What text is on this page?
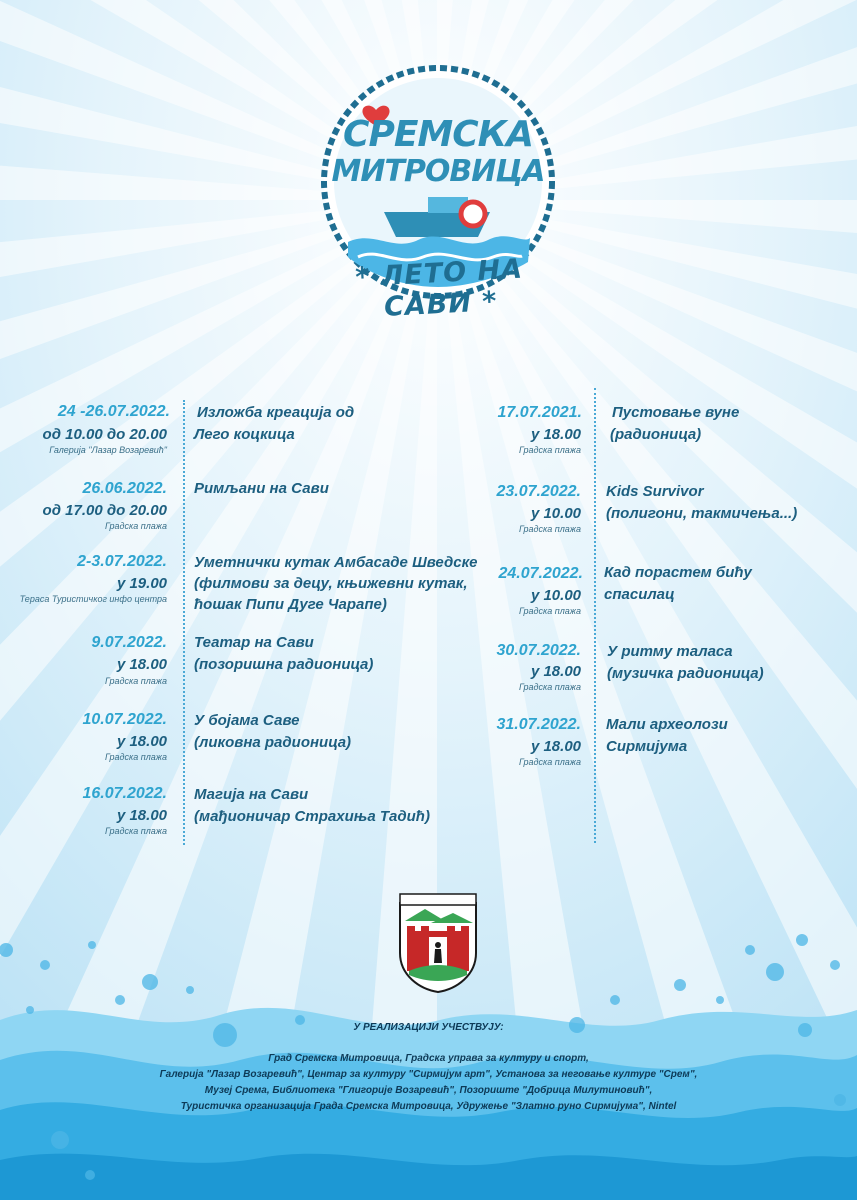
СРЕМСКА
МИТРОВИЦА
* ЛЕТО НА САВИ *
24 -26.07.2022.
од 10.00 до 20.00
Галерија "Лазар Возаревић"
Изложба креација од
Лего коцкица
26.06.2022.
од 17.00 до 20.00
Градска плажа
Римљани на Сави
2-3.07.2022.
у 19.00
Тераса Туристичког инфо центра
Уметнички кутак Амбасаде Шведске
(филмови за децу, књижевни кутак,
ћошак Пипи Дуге Чарапе)
9.07.2022.
у 18.00
Градска плажа
Театар на Сави
(позоришна радионица)
10.07.2022.
у 18.00
Градска плажа
У бојама Саве
(ликовна радионица)
16.07.2022.
у 18.00
Градска плажа
Магија на Сави
(мађионичар Страхиња Тадић)
17.07.2021.
у 18.00
Градска плажа
Пустовање вуне
(радионица)
23.07.2022.
у 10.00
Градска плажа
Kids Survivor
(полигони, такмичења...)
24.07.2022.
у 10.00
Градска плажа
Кад порастем бићу
спасилац
30.07.2022.
у 18.00
Градска плажа
У ритму таласа
(музичка радионица)
31.07.2022.
у 18.00
Градска плажа
Мали археолози
Сирмијума
У РЕАЛИЗАЦИЈИ УЧЕСТВУЈУ:
Град Сремска Митровица, Градска управа за културу и спорт,
Галерија "Лазар Возаревић", Центар за културу "Сирмијум арт", Установа за неговање културе "Срем",
Музеј Срема, Библиотека "Глигорије Возаревић", Позориште "Добрица Милутиновић",
Туристичка организација Града Сремска Митровица, Удружење "Златно руно Сирмијума", Nintel
